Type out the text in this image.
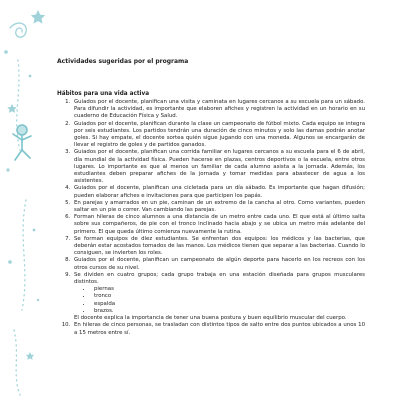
Actividades sugeridas por el programa
Hábitos para una vida activa
1. Guiados por el docente, planifican una visita y caminata en lugares cercanos a su escuela para un sábado. Para difundir la actividad, es importante que elaboren afiches y registren la actividad en un horario en su cuaderno de Educación Física y Salud.
2. Guiados por el docente, planifican durante la clase un campeonato de fútbol mixto. Cada equipo se integra por seis estudiantes. Los partidos tendrán una duración de cinco minutos y solo las damas podrán anotar goles. Si hay empate, el docente sortea quién sigue jugando con una moneda. Algunos se encargarán de llevar el registro de goles y de partidos ganados.
3. Guiados por el docente, planifican una corrida familiar en lugares cercanos a su escuela para el 6 de abril, día mundial de la actividad física. Pueden hacerse en plazas, centros deportivos o la escuela, entre otros lugares. Lo importante es que al menos un familiar de cada alumno asista a la jornada. Además, los estudiantes deben preparar afiches de la jornada y tomar medidas para abastecer de agua a los asistentes.
4. Guiados por el docente, planifican una cicletada para un día sábado. Es importante que hagan difusión; pueden elaborar afiches e invitaciones para que participen los papás.
5. En parejas y amarrados en un pie, caminan de un extremo de la cancha al otro. Como variantes, pueden saltar en un pie o correr. Van cambiando las parejas.
6. Forman hileras de cinco alumnos a una distancia de un metro entre cada uno. El que está al último salta sobre sus compañeros, de pie con el tronco inclinado hacia abajo y se ubica un metro más adelante del primero. El que queda último comienza nuevamente la rutina.
7. Se forman equipos de diez estudiantes. Se enfrentan dos equipos: los médicos y las bacterias, que deberán estar acostados tomados de las manos. Los médicos tienen que separar a las bacterias. Cuando lo consiguen, se invierten los roles.
8. Guiados por el docente, planifican un campeonato de algún deporte para hacerlo en los recreos con los otros cursos de su nivel.
9. Se dividen en cuatro grupos; cada grupo trabaja en una estación diseñada para grupos musculares distintos.
• piernas
• tronco
• espalda
• brazos.
El docente explica la importancia de tener una buena postura y buen equilibrio muscular del cuerpo.
10. En hileras de cinco personas, se trasladan con distintos tipos de salto entre dos puntos ubicados a unos 10 a 15 metros entre sí.
